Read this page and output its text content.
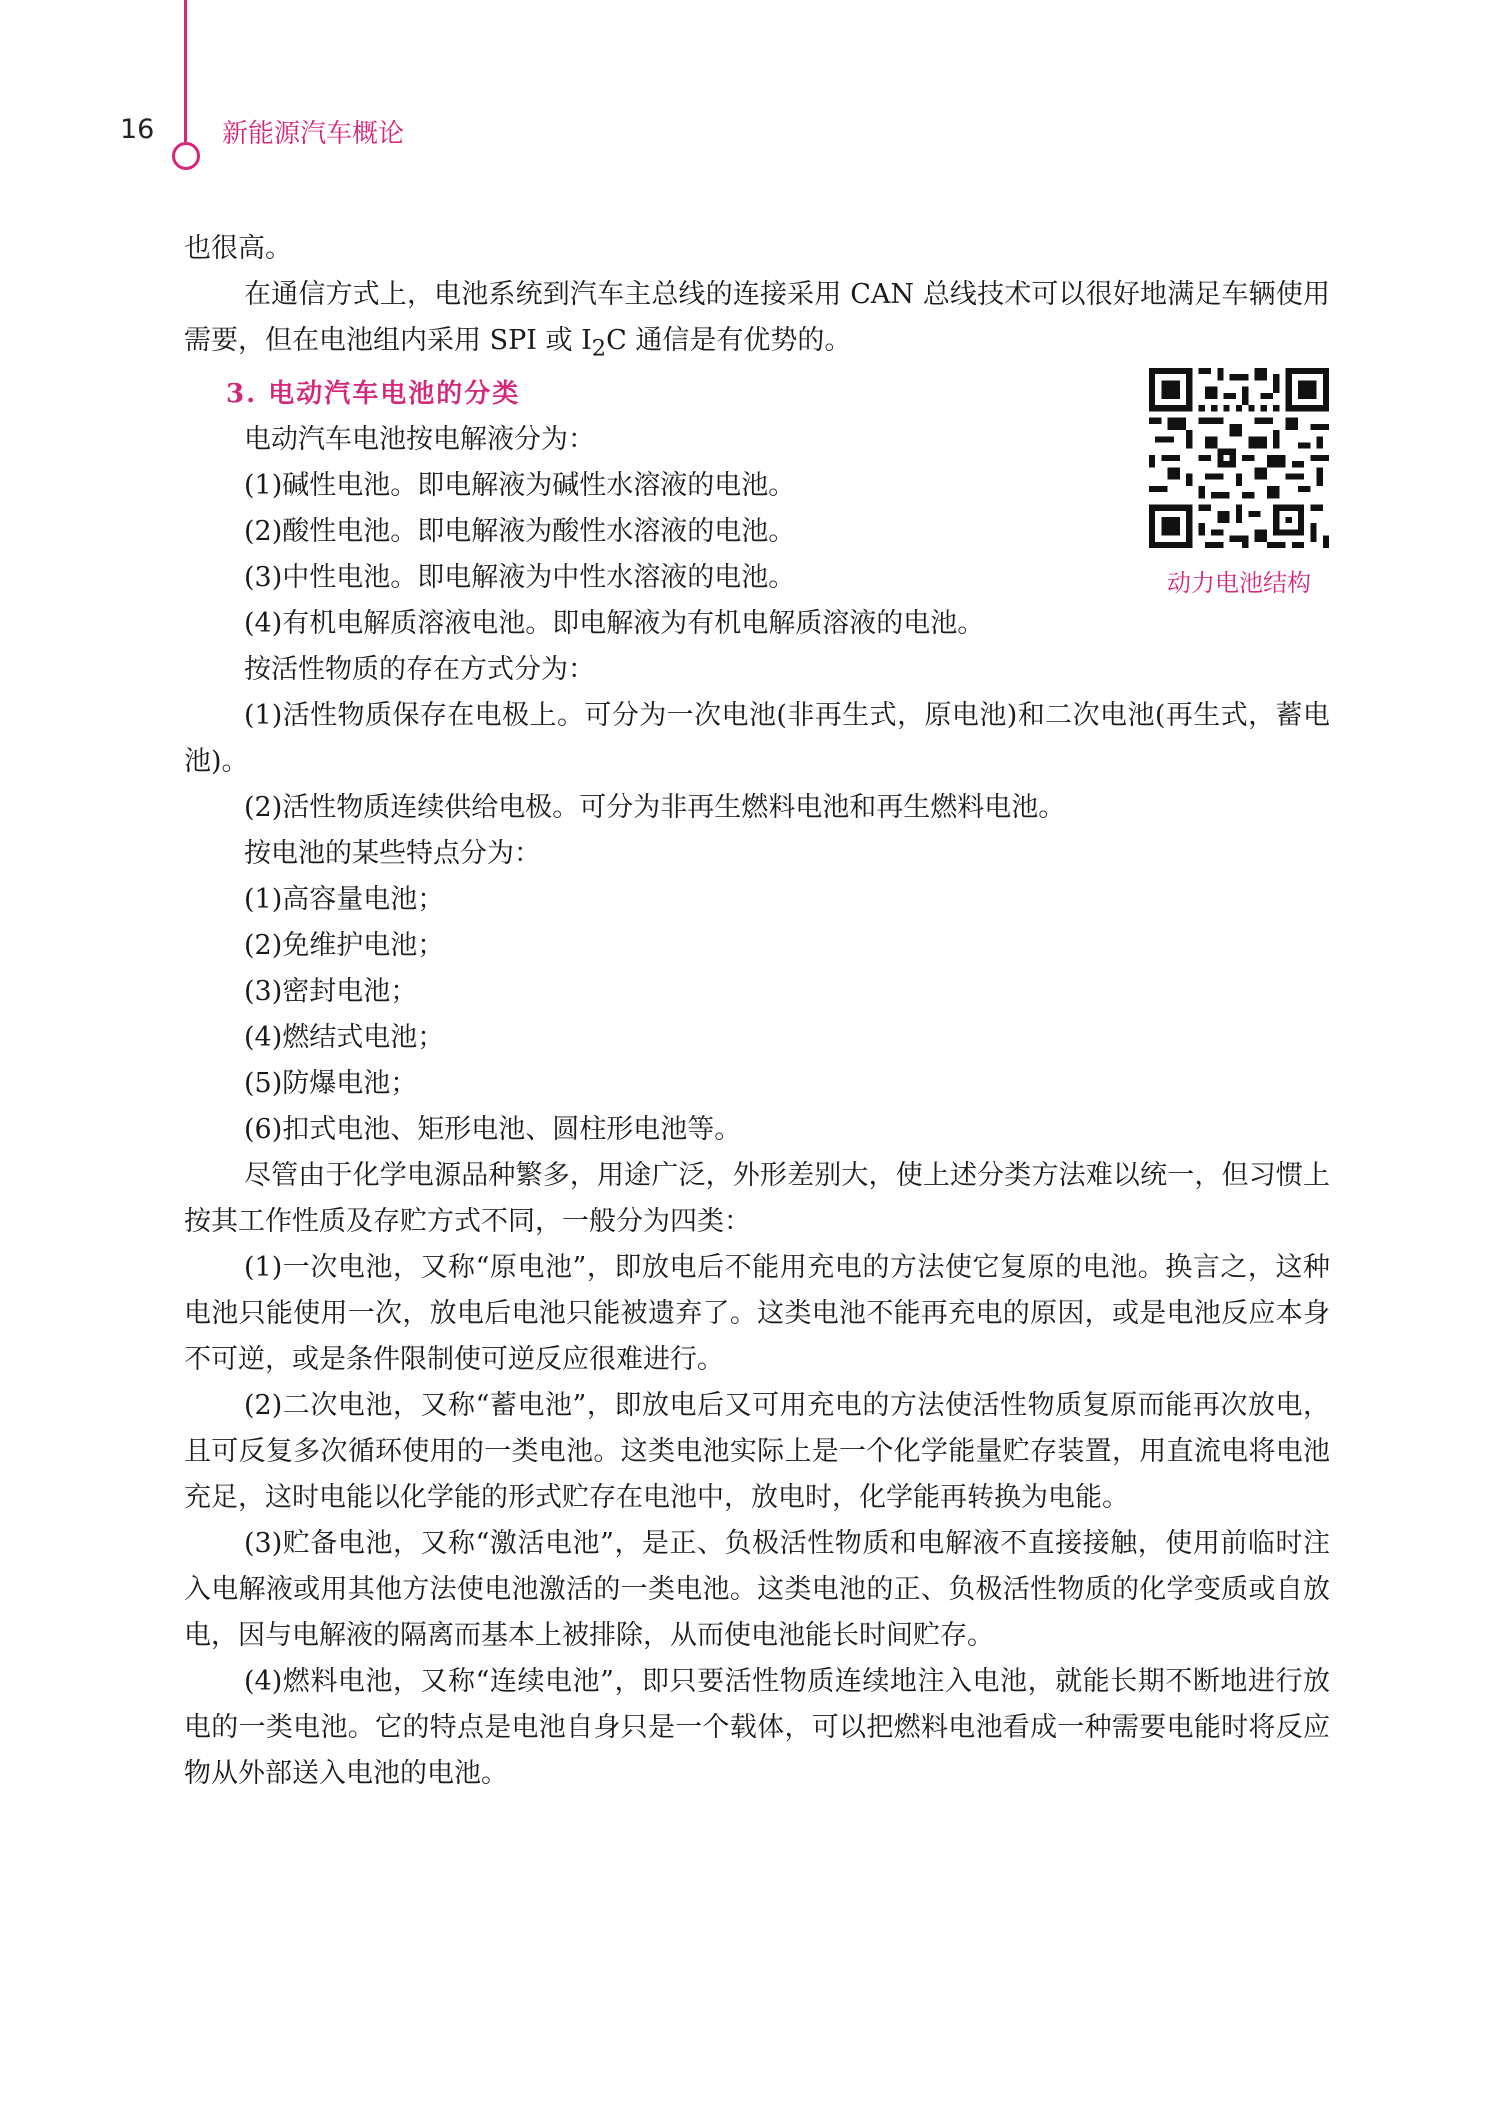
16	新能源汽车概论
动力电池结构

也很高。

在通信方式上，电池系统到汽车主总线的连接采用 CAN 总线技术可以很好地满足车辆使用需要，但在电池组内采用 SPI 或 $I_2C$ 通信是有优势的。

3. 电动汽车电池的分类

电动汽车电池按电解液分为：

(1)碱性电池。即电解液为碱性水溶液的电池。

(2)酸性电池。即电解液为酸性水溶液的电池。

(3)中性电池。即电解液为中性水溶液的电池。

(4)有机电解质溶液电池。即电解液为有机电解质溶液的电池。

按活性物质的存在方式分为：

(1)活性物质保存在电极上。可分为一次电池(非再生式，原电池)和二次电池(再生式，蓄电池)。

(2)活性物质连续供给电极。可分为非再生燃料电池和再生燃料电池。

按电池的某些特点分为：

(1)高容量电池；

(2)免维护电池；

(3)密封电池；

(4)燃结式电池；

(5)防爆电池；

(6)扣式电池、矩形电池、圆柱形电池等。

尽管由于化学电源品种繁多，用途广泛，外形差别大，使上述分类方法难以统一，但习惯上按其工作性质及存贮方式不同，一般分为四类：

(1)一次电池，又称“原电池”，即放电后不能用充电的方法使它复原的电池。换言之，这种电池只能使用一次，放电后电池只能被遗弃了。这类电池不能再充电的原因，或是电池反应本身不可逆，或是条件限制使可逆反应很难进行。

(2)二次电池，又称“蓄电池”，即放电后又可用充电的方法使活性物质复原而能再次放电，且可反复多次循环使用的一类电池。这类电池实际上是一个化学能量贮存装置，用直流电将电池充足，这时电能以化学能的形式贮存在电池中，放电时，化学能再转换为电能。

(3)贮备电池，又称“激活电池”，是正、负极活性物质和电解液不直接接触，使用前临时注入电解液或用其他方法使电池激活的一类电池。这类电池的正、负极活性物质的化学变质或自放电，因与电解液的隔离而基本上被排除，从而使电池能长时间贮存。

(4)燃料电池，又称“连续电池”，即只要活性物质连续地注入电池，就能长期不断地进行放电的一类电池。它的特点是电池自身只是一个载体，可以把燃料电池看成一种需要电能时将反应物从外部送入电池的电池。
